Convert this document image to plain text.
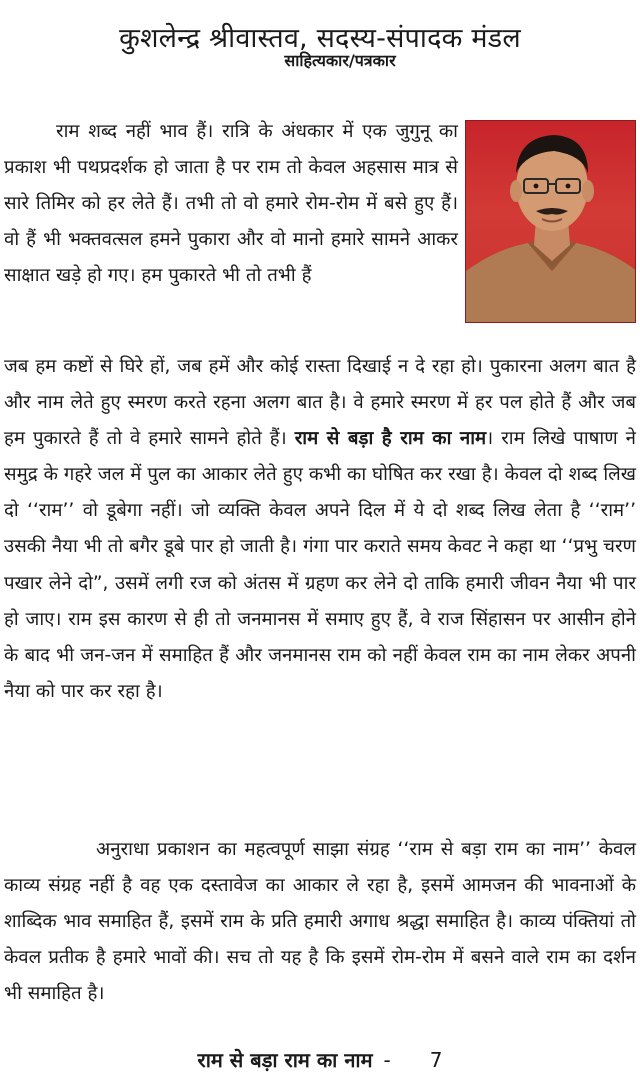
कुशलेन्द्र श्रीवास्तव, सदस्य-संपादक मंडल
साहित्यकार/पत्रकार

राम शब्द नहीं भाव हैं। रात्रि के अंधकार में एक जुगुनू का प्रकाश भी पथप्रदर्शक हो जाता है पर राम तो केवल अहसास मात्र से सारे तिमिर को हर लेते हैं। तभी तो वो हमारे रोम-रोम में बसे हुए हैं। वो हैं भी भक्तवत्सल हमने पुकारा और वो मानो हमारे सामने आकर साक्षात खड़े हो गए। हम पुकारते भी तो तभी हैं

जब हम कष्टों से घिरे हों, जब हमें और कोई रास्ता दिखाई न दे रहा हो। पुकारना अलग बात है और नाम लेते हुए स्मरण करते रहना अलग बात है। वे हमारे स्मरण में हर पल होते हैं और जब हम पुकारते हैं तो वे हमारे सामने होते हैं। राम से बड़ा है राम का नाम। राम लिखे पाषाण ने समुद्र के गहरे जल में पुल का आकार लेते हुए कभी का घोषित कर रखा है। केवल दो शब्द लिख दो ‘‘राम’’ वो डूबेगा नहीं। जो व्यक्ति केवल अपने दिल में ये दो शब्द लिख लेता है ‘‘राम’’ उसकी नैया भी तो बगैर डूबे पार हो जाती है। गंगा पार कराते समय केवट ने कहा था ‘‘प्रभु चरण पखार लेने दो”, उसमें लगी रज को अंतस में ग्रहण कर लेने दो ताकि हमारी जीवन नैया भी पार हो जाए। राम इस कारण से ही तो जनमानस में समाए हुए हैं, वे राज सिंहासन पर आसीन होने के बाद भी जन-जन में समाहित हैं और जनमानस राम को नहीं केवल राम का नाम लेकर अपनी नैया को पार कर रहा है।

अनुराधा प्रकाशन का महत्वपूर्ण साझा संग्रह ‘‘राम से बड़ा राम का नाम’’ केवल काव्य संग्रह नहीं है वह एक दस्तावेज का आकार ले रहा है, इसमें आमजन की भावनाओं के शाब्दिक भाव समाहित हैं, इसमें राम के प्रति हमारी अगाध श्रद्धा समाहित है। काव्य पंक्तियां तो केवल प्रतीक है हमारे भावों की। सच तो यह है कि इसमें रोम-रोम में बसने वाले राम का दर्शन भी समाहित है।

राम से बड़ा राम का नाम - 7
